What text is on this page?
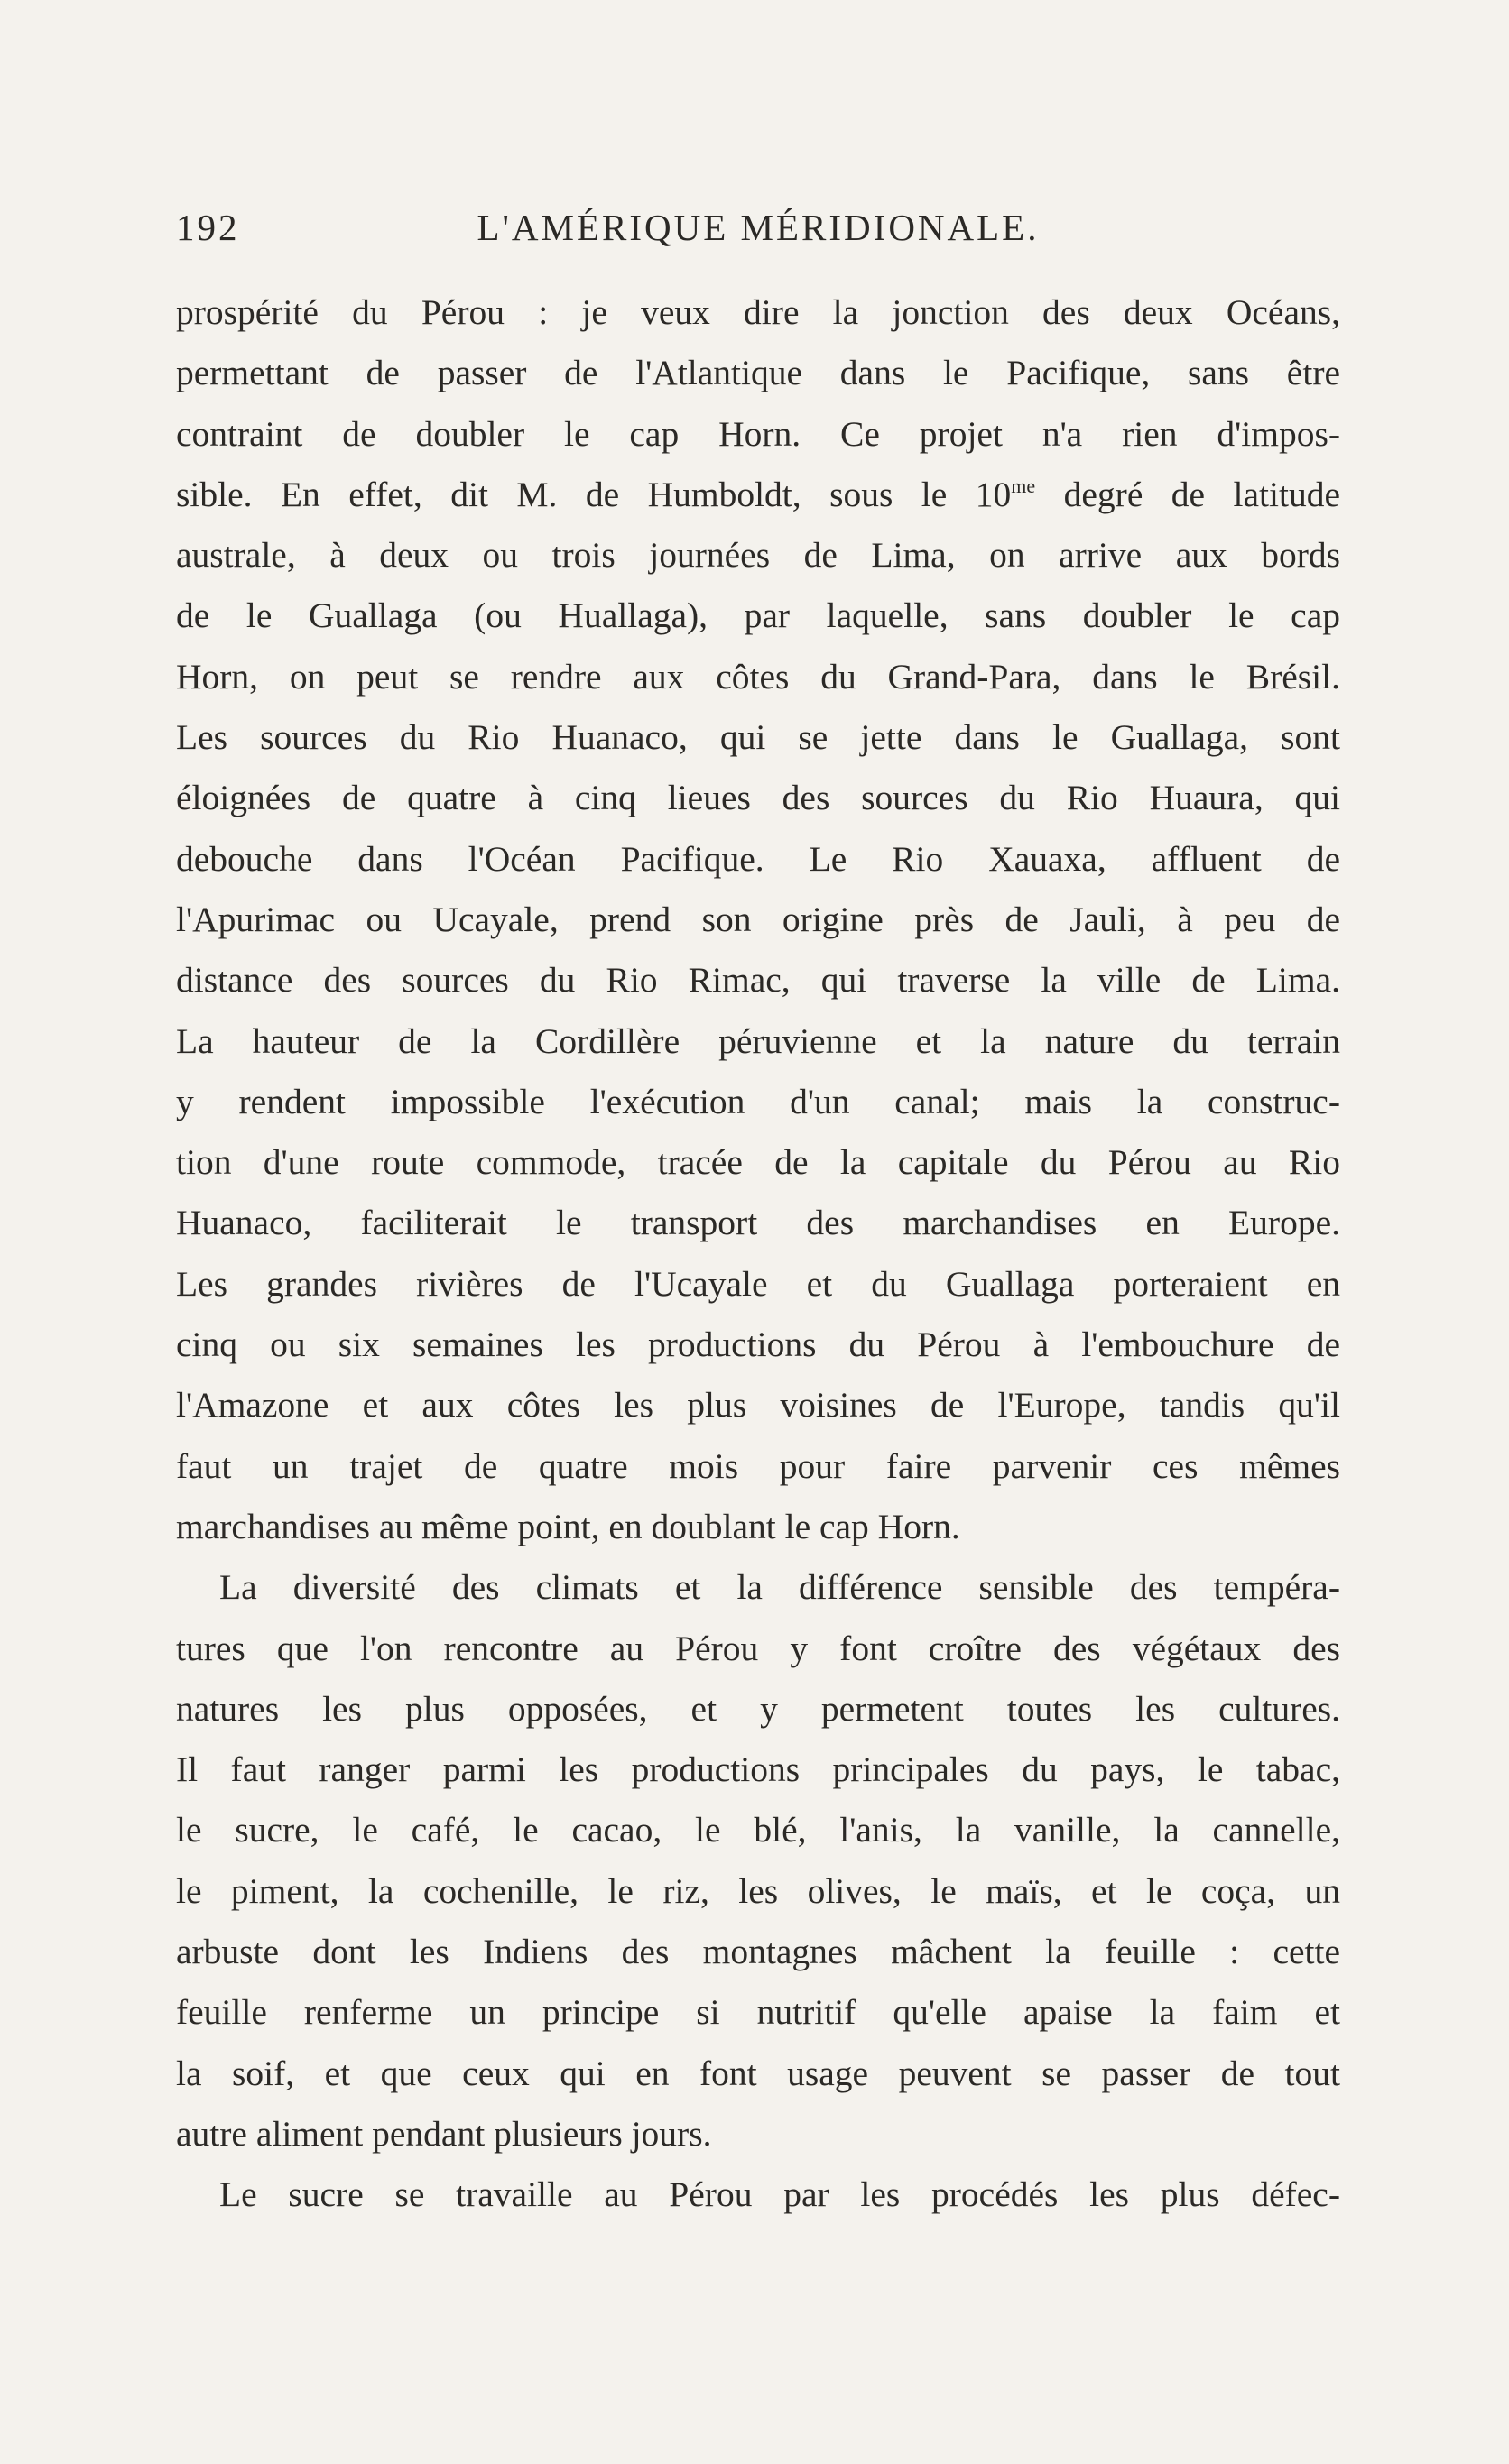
192	L'AMÉRIQUE MÉRIDIONALE.
prospérité du Pérou : je veux dire la jonction des deux Océans,
permettant de passer de l'Atlantique dans le Pacifique, sans être
contraint de doubler le cap Horn. Ce projet n'a rien d'impos-
sible. En effet, dit M. de Humboldt, sous le $10^{me}$ degré de latitude
australe, à deux ou trois journées de Lima, on arrive aux bords
de le Guallaga (ou Huallaga), par laquelle, sans doubler le cap
Horn, on peut se rendre aux côtes du Grand-Para, dans le Brésil.
Les sources du Rio Huanaco, qui se jette dans le Guallaga, sont
éloignées de quatre à cinq lieues des sources du Rio Huaura, qui
debouche dans l'Océan Pacifique. Le Rio Xauaxa, affluent de
l'Apurimac ou Ucayale, prend son origine près de Jauli, à peu de
distance des sources du Rio Rimac, qui traverse la ville de Lima.
La hauteur de la Cordillère péruvienne et la nature du terrain
y rendent impossible l'exécution d'un canal; mais la construc-
tion d'une route commode, tracée de la capitale du Pérou au Rio
Huanaco, faciliterait le transport des marchandises en Europe.
Les grandes rivières de l'Ucayale et du Guallaga porteraient en
cinq ou six semaines les productions du Pérou à l'embouchure de
l'Amazone et aux côtes les plus voisines de l'Europe, tandis qu'il
faut un trajet de quatre mois pour faire parvenir ces mêmes
marchandises au même point, en doublant le cap Horn.
La diversité des climats et la différence sensible des tempéra-
tures que l'on rencontre au Pérou y font croître des végétaux des
natures les plus opposées, et y permetent toutes les cultures.
Il faut ranger parmi les productions principales du pays, le tabac,
le sucre, le café, le cacao, le blé, l'anis, la vanille, la cannelle,
le piment, la cochenille, le riz, les olives, le maïs, et le coça, un
arbuste dont les Indiens des montagnes mâchent la feuille : cette
feuille renferme un principe si nutritif qu'elle apaise la faim et
la soif, et que ceux qui en font usage peuvent se passer de tout
autre aliment pendant plusieurs jours.
Le sucre se travaille au Pérou par les procédés les plus défec-
